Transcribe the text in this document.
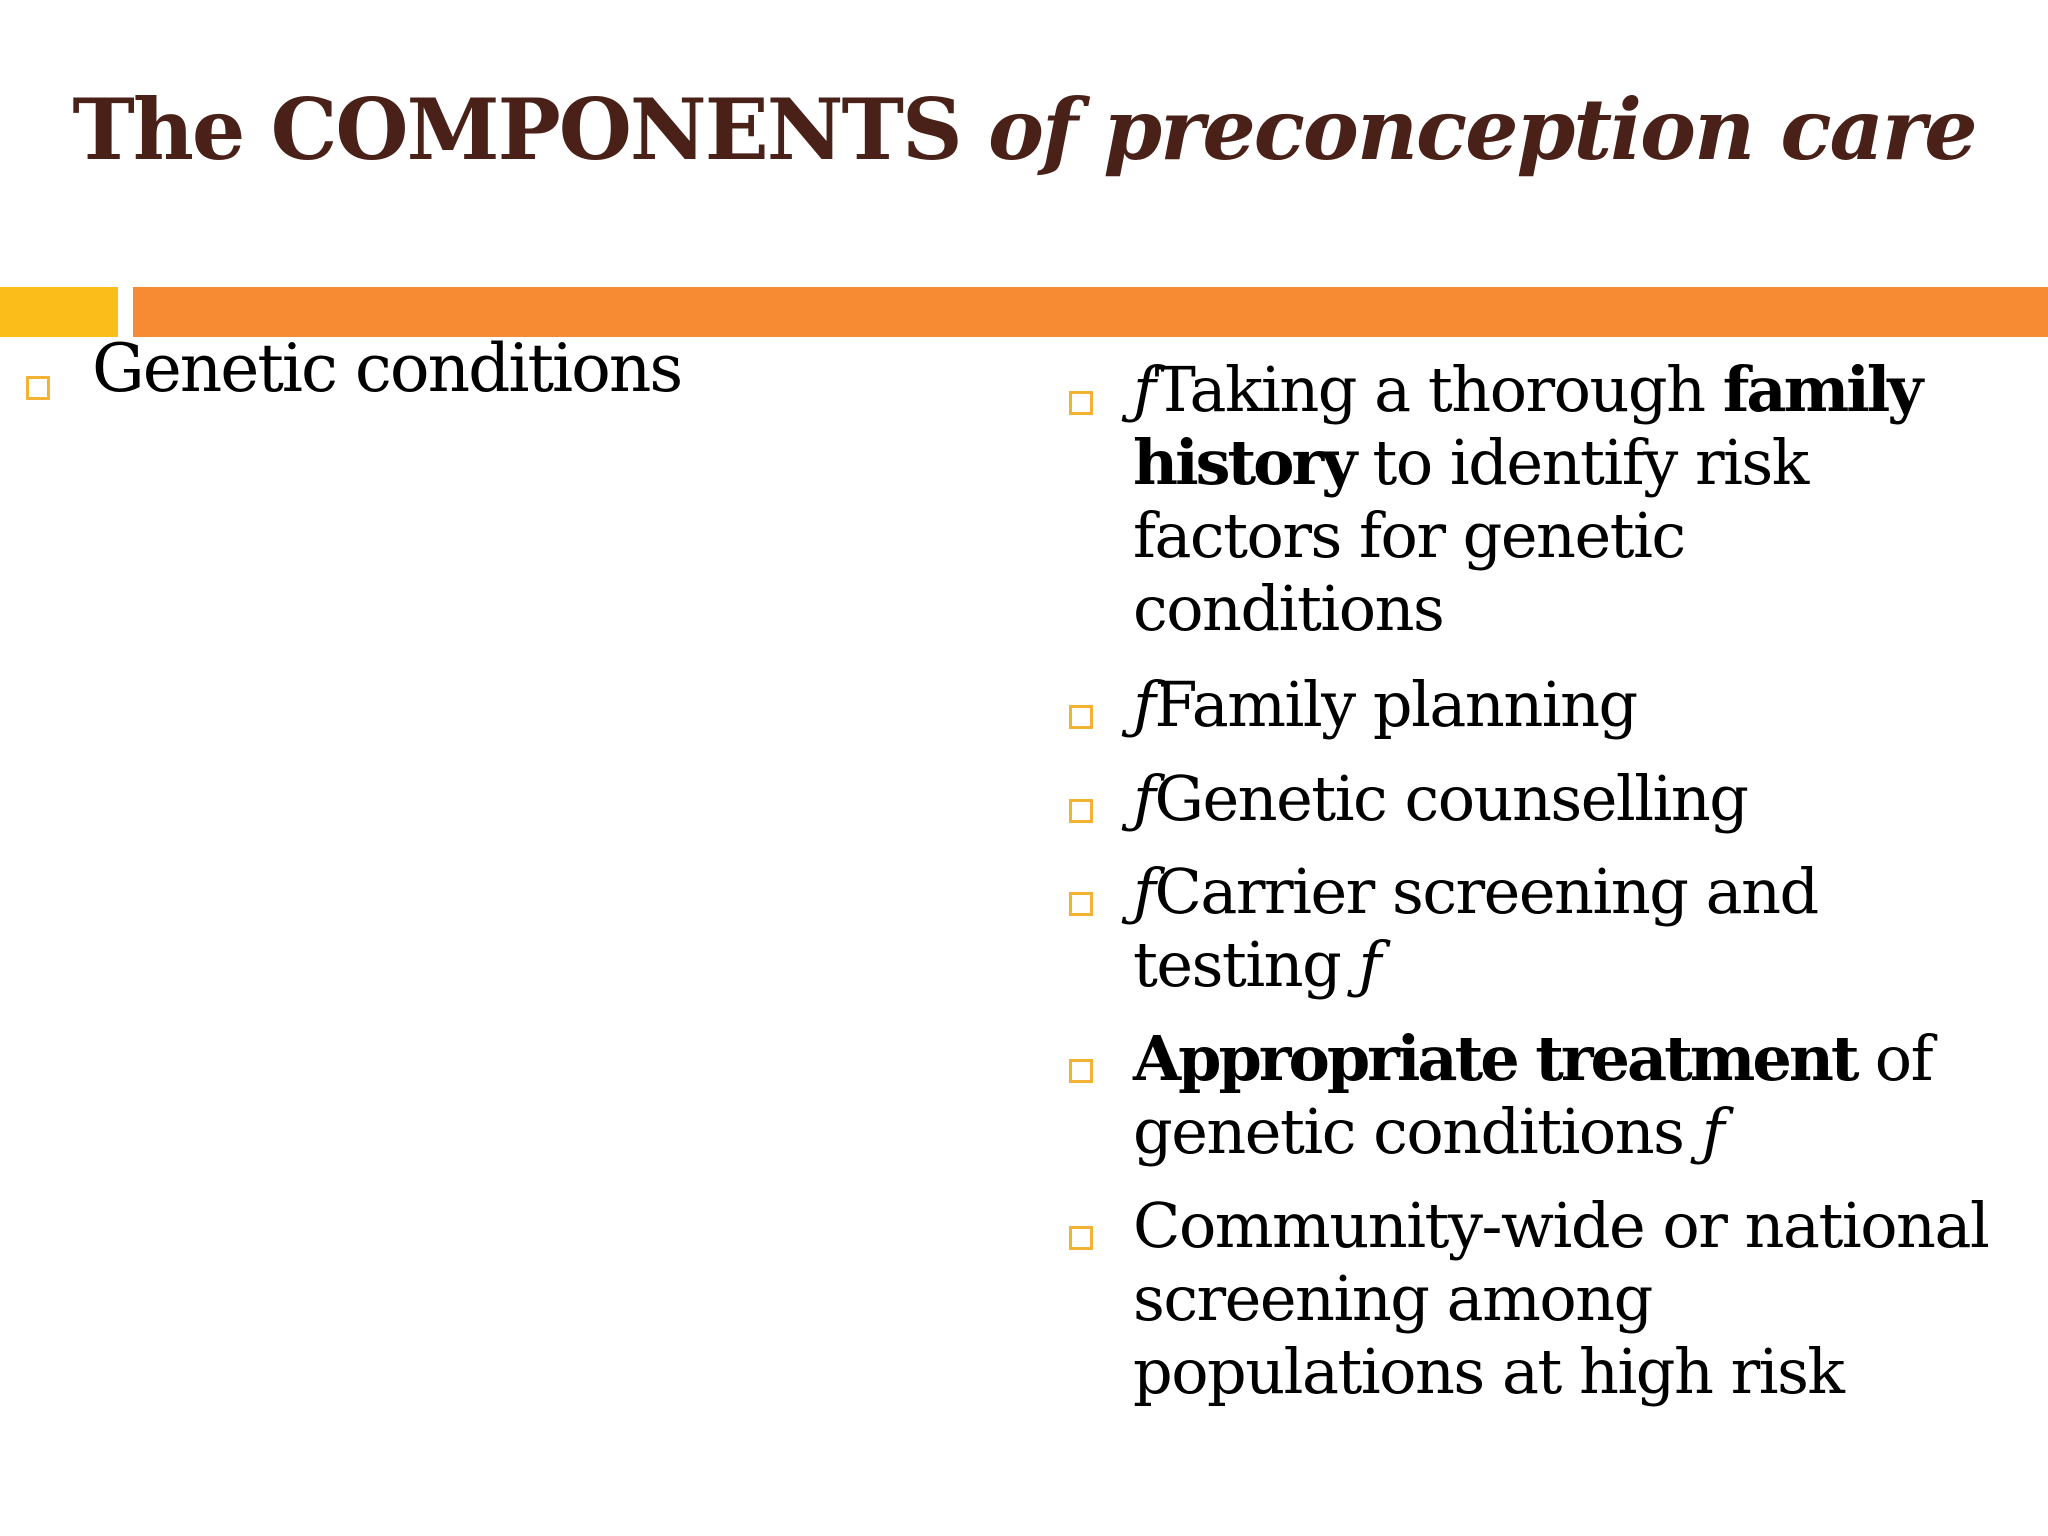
The COMPONENTS of preconception care
Genetic conditions	ƒTaking a thorough family history to identify risk factors for genetic conditions
ƒFamily planning
ƒGenetic counselling
ƒCarrier screening and testing ƒ
Appropriate treatment of genetic conditions ƒ
Community-wide or national screening among populations at high risk
